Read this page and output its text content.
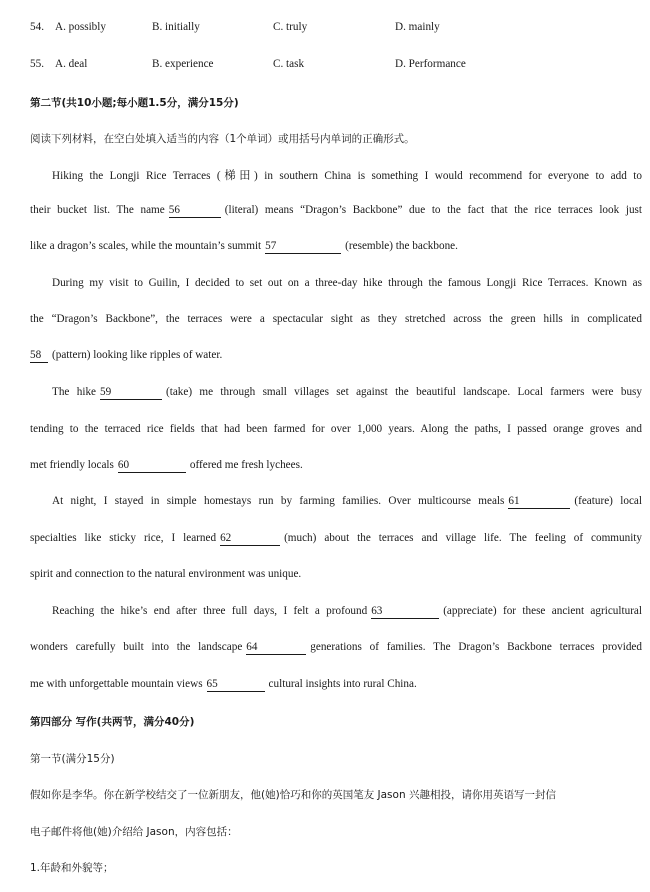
54. A. possibly	B. initially	C. truly	D. mainly
55. A. deal	B. experience	C. task	D. Performance
第二节(共10小题;每小题1.5分，满分15分)
阅读下列材料，在空白处填入适当的内容（1个单词）或用括号内单词的正确形式。
Hiking the Longji Rice Terraces (梯田) in southern China is something I would recommend for everyone to add to
their bucket list. The name 56	(literal) means “Dragon’s Backbone” due to the fact that the rice terraces look just
like a dragon’s scales, while the mountain’s summit 57	(resemble) the backbone.
During my visit to Guilin, I decided to set out on a three-day hike through the famous Longji Rice Terraces. Known as
the “Dragon’s Backbone”, the terraces were a spectacular sight as they stretched across the green hills in complicated
58 (pattern) looking like ripples of water.
The hike 59	(take) me through small villages set against the beautiful landscape. Local farmers were busy
tending to the terraced rice fields that had been farmed for over 1,000 years. Along the paths, I passed orange groves and
met friendly locals 60	offered me fresh lychees.
At night, I stayed in simple homestays run by farming families. Over multicourse meals 61	(feature) local
specialties like sticky rice, I learned 62	(much) about the terraces and village life. The feeling of community
spirit and connection to the natural environment was unique.
Reaching the hike’s end after three full days, I felt a profound 63	(appreciate) for these ancient agricultural
wonders carefully built into the landscape 64	generations of families. The Dragon’s Backbone terraces provided
me with unforgettable mountain views 65	cultural insights into rural China.
第四部分 写作(共两节，满分40分)
第一节(满分15分)
假如你是李华。你在新学校结交了一位新朋友，他(她)恰巧和你的英国笔友 Jason 兴趣相投，请你用英语写一封信
电子邮件将他(她)介绍给 Jason，内容包括：
1.年龄和外貌等；
